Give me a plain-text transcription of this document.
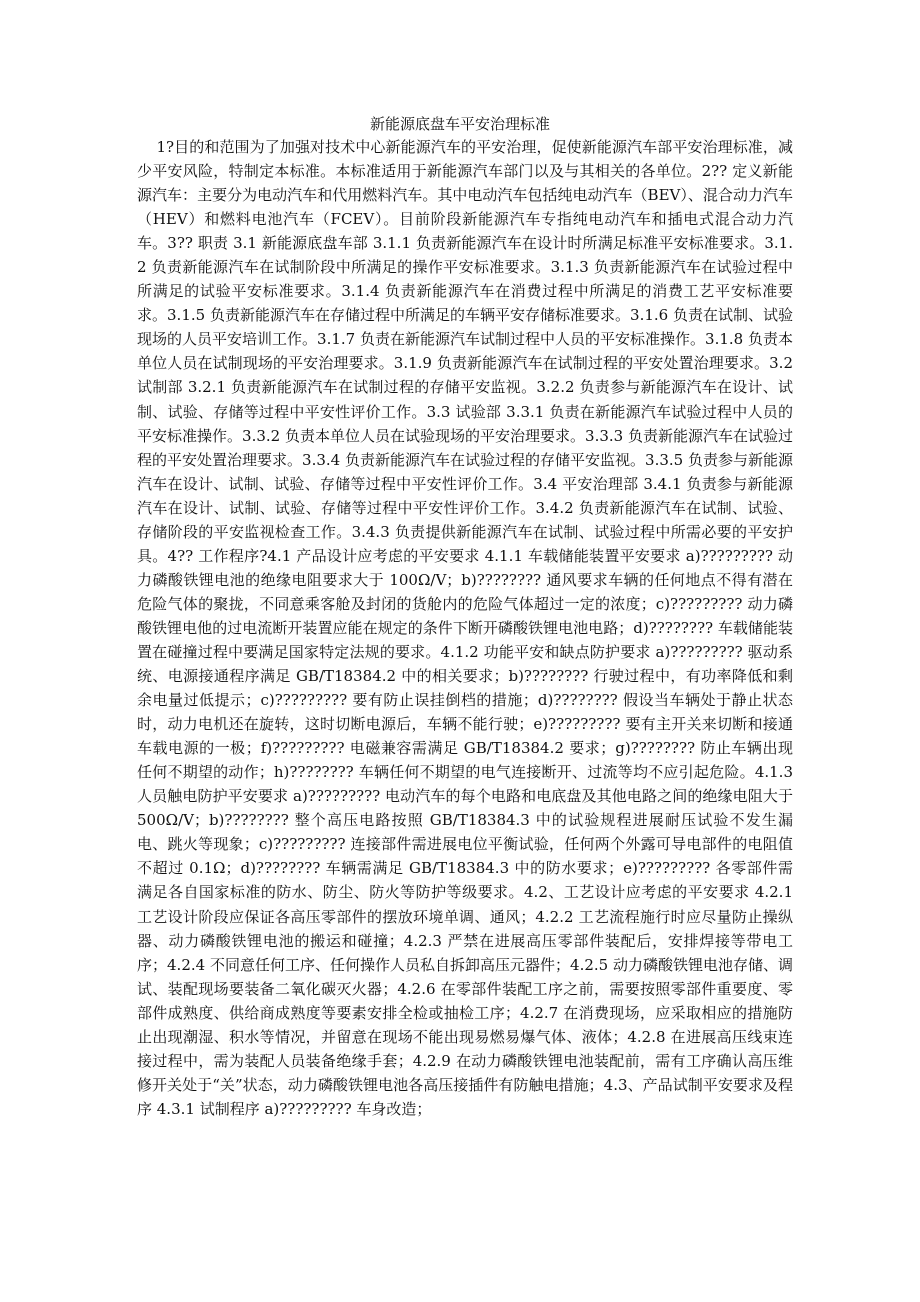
新能源底盘车平安治理标准

1?目的和范围为了加强对技术中心新能源汽车的平安治理，促使新能源汽车部平安治理标准，减少平安风险，特制定本标准。本标准适用于新能源汽车部门以及与其相关的各单位。2?? 定义新能源汽车：主要分为电动汽车和代用燃料汽车。其中电动汽车包括纯电动汽车（BEV）、混合动力汽车（HEV）和燃料电池汽车（FCEV）。目前阶段新能源汽车专指纯电动汽车和插电式混合动力汽车。3?? 职责 3.1 新能源底盘车部 3.1.1 负责新能源汽车在设计时所满足标准平安标准要求。3.1.2 负责新能源汽车在试制阶段中所满足的操作平安标准要求。3.1.3 负责新能源汽车在试验过程中所满足的试验平安标准要求。3.1.4 负责新能源汽车在消费过程中所满足的消费工艺平安标准要求。3.1.5 负责新能源汽车在存储过程中所满足的车辆平安存储标准要求。3.1.6 负责在试制、试验现场的人员平安培训工作。3.1.7 负责在新能源汽车试制过程中人员的平安标准操作。3.1.8 负责本单位人员在试制现场的平安治理要求。3.1.9 负责新能源汽车在试制过程的平安处置治理要求。3.2 试制部 3.2.1 负责新能源汽车在试制过程的存储平安监视。3.2.2 负责参与新能源汽车在设计、试制、试验、存储等过程中平安性评价工作。3.3 试验部 3.3.1 负责在新能源汽车试验过程中人员的平安标准操作。3.3.2 负责本单位人员在试验现场的平安治理要求。3.3.3 负责新能源汽车在试验过程的平安处置治理要求。3.3.4 负责新能源汽车在试验过程的存储平安监视。3.3.5 负责参与新能源汽车在设计、试制、试验、存储等过程中平安性评价工作。3.4 平安治理部 3.4.1 负责参与新能源汽车在设计、试制、试验、存储等过程中平安性评价工作。3.4.2 负责新能源汽车在试制、试验、存储阶段的平安监视检查工作。3.4.3 负责提供新能源汽车在试制、试验过程中所需必要的平安护具。4?? 工作程序?4.1 产品设计应考虑的平安要求 4.1.1 车载储能装置平安要求 a)????????? 动力磷酸铁锂电池的绝缘电阻要求大于 100Ω/V；b)???????? 通风要求车辆的任何地点不得有潜在危险气体的聚拢，不同意乘客舱及封闭的货舱内的危险气体超过一定的浓度；c)????????? 动力磷酸铁锂电他的过电流断开装置应能在规定的条件下断开磷酸铁锂电池电路；d)???????? 车载储能装置在碰撞过程中要满足国家特定法规的要求。4.1.2 功能平安和缺点防护要求 a)????????? 驱动系统、电源接通程序满足 GB/T18384.2 中的相关要求；b)???????? 行驶过程中，有功率降低和剩余电量过低提示；c)????????? 要有防止误挂倒档的措施；d)???????? 假设当车辆处于静止状态时，动力电机还在旋转，这时切断电源后，车辆不能行驶；e)????????? 要有主开关来切断和接通车载电源的一极；f)????????? 电磁兼容需满足 GB/T18384.2 要求；g)???????? 防止车辆出现任何不期望的动作；h)???????? 车辆任何不期望的电气连接断开、过流等均不应引起危险。4.1.3 人员触电防护平安要求 a)????????? 电动汽车的每个电路和电底盘及其他电路之间的绝缘电阻大于 500Ω/V；b)???????? 整个高压电路按照 GB/T18384.3 中的试验规程进展耐压试验不发生漏电、跳火等现象；c)????????? 连接部件需进展电位平衡试验，任何两个外露可导电部件的电阻值不超过 0.1Ω；d)???????? 车辆需满足 GB/T18384.3 中的防水要求；e)????????? 各零部件需满足各自国家标准的防水、防尘、防火等防护等级要求。4.2、工艺设计应考虑的平安要求 4.2.1 工艺设计阶段应保证各高压零部件的摆放环境单调、通风；4.2.2 工艺流程施行时应尽量防止操纵器、动力磷酸铁锂电池的搬运和碰撞；4.2.3 严禁在进展高压零部件装配后，安排焊接等带电工序；4.2.4 不同意任何工序、任何操作人员私自拆卸高压元器件；4.2.5 动力磷酸铁锂电池存储、调试、装配现场要装备二氧化碳灭火器；4.2.6 在零部件装配工序之前，需要按照零部件重要度、零部件成熟度、供给商成熟度等要素安排全检或抽检工序；4.2.7 在消费现场，应采取相应的措施防止出现潮湿、积水等情况，并留意在现场不能出现易燃易爆气体、液体；4.2.8 在进展高压线束连接过程中，需为装配人员装备绝缘手套；4.2.9 在动力磷酸铁锂电池装配前，需有工序确认高压维修开关处于“关”状态，动力磷酸铁锂电池各高压接插件有防触电措施；4.3、产品试制平安要求及程序 4.3.1 试制程序 a)????????? 车身改造；
